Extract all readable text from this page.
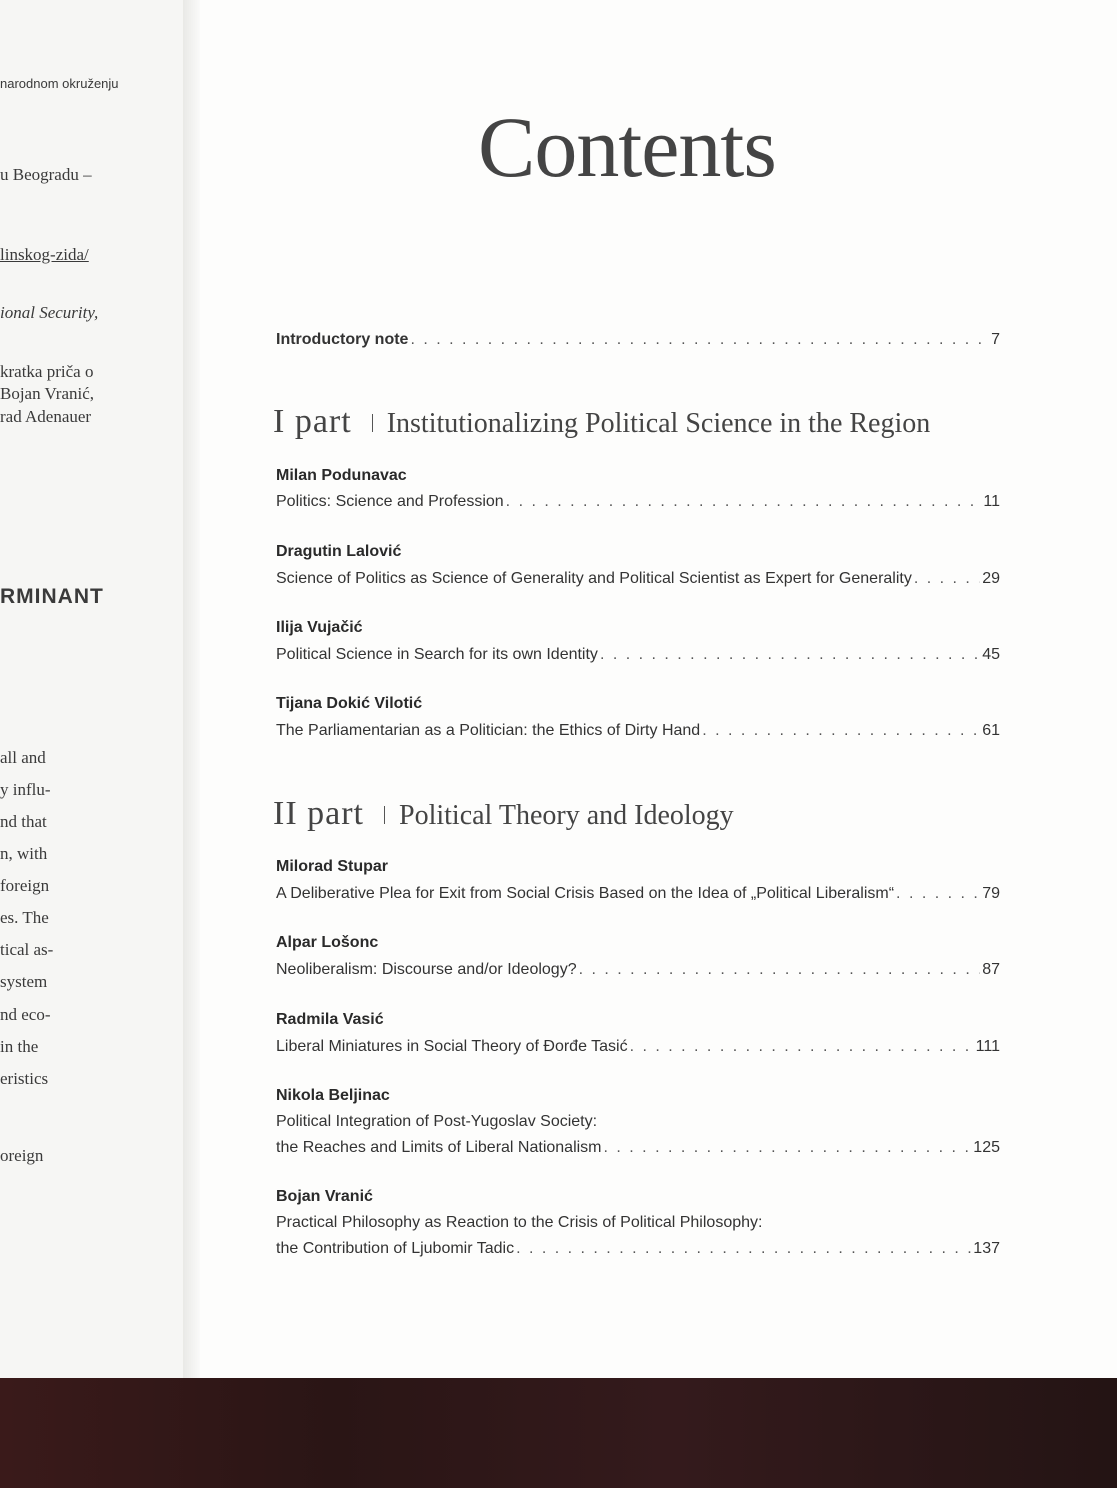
narodnom okruženju
u Beogradu –
linskog-zida/
ional Security,
kratka priča o
Bojan Vranić,
rad Adenauer
RMINANT
all and
y influ-
nd that
n, with
foreign
es. The
tical as-
system
nd eco-
in the
eristics
oreign
Contents
Introductory note . . .	7
I part Institutionalizing Political Science in the Region
Milan Podunavac
Politics: Science and Profession . . .	11
Dragutin Lalović
Science of Politics as Science of Generality and Political Scientist as Expert for Generality . . .	29
Ilija Vujačić
Political Science in Search for its own Identity . . .	45
Tijana Dokić Vilotić
The Parliamentarian as a Politician: the Ethics of Dirty Hand . . .	61
II part Political Theory and Ideology
Milorad Stupar
A Deliberative Plea for Exit from Social Crisis Based on the Idea of „Political Liberalism“ . . .	79
Alpar Lošonc
Neoliberalism: Discourse and/or Ideology? . . .	87
Radmila Vasić
Liberal Miniatures in Social Theory of Đorđe Tasić . . .	111
Nikola Beljinac
Political Integration of Post-Yugoslav Society:
the Reaches and Limits of Liberal Nationalism . . .	125
Bojan Vranić
Practical Philosophy as Reaction to the Crisis of Political Philosophy:
the Contribution of Ljubomir Tadic . . .	137
